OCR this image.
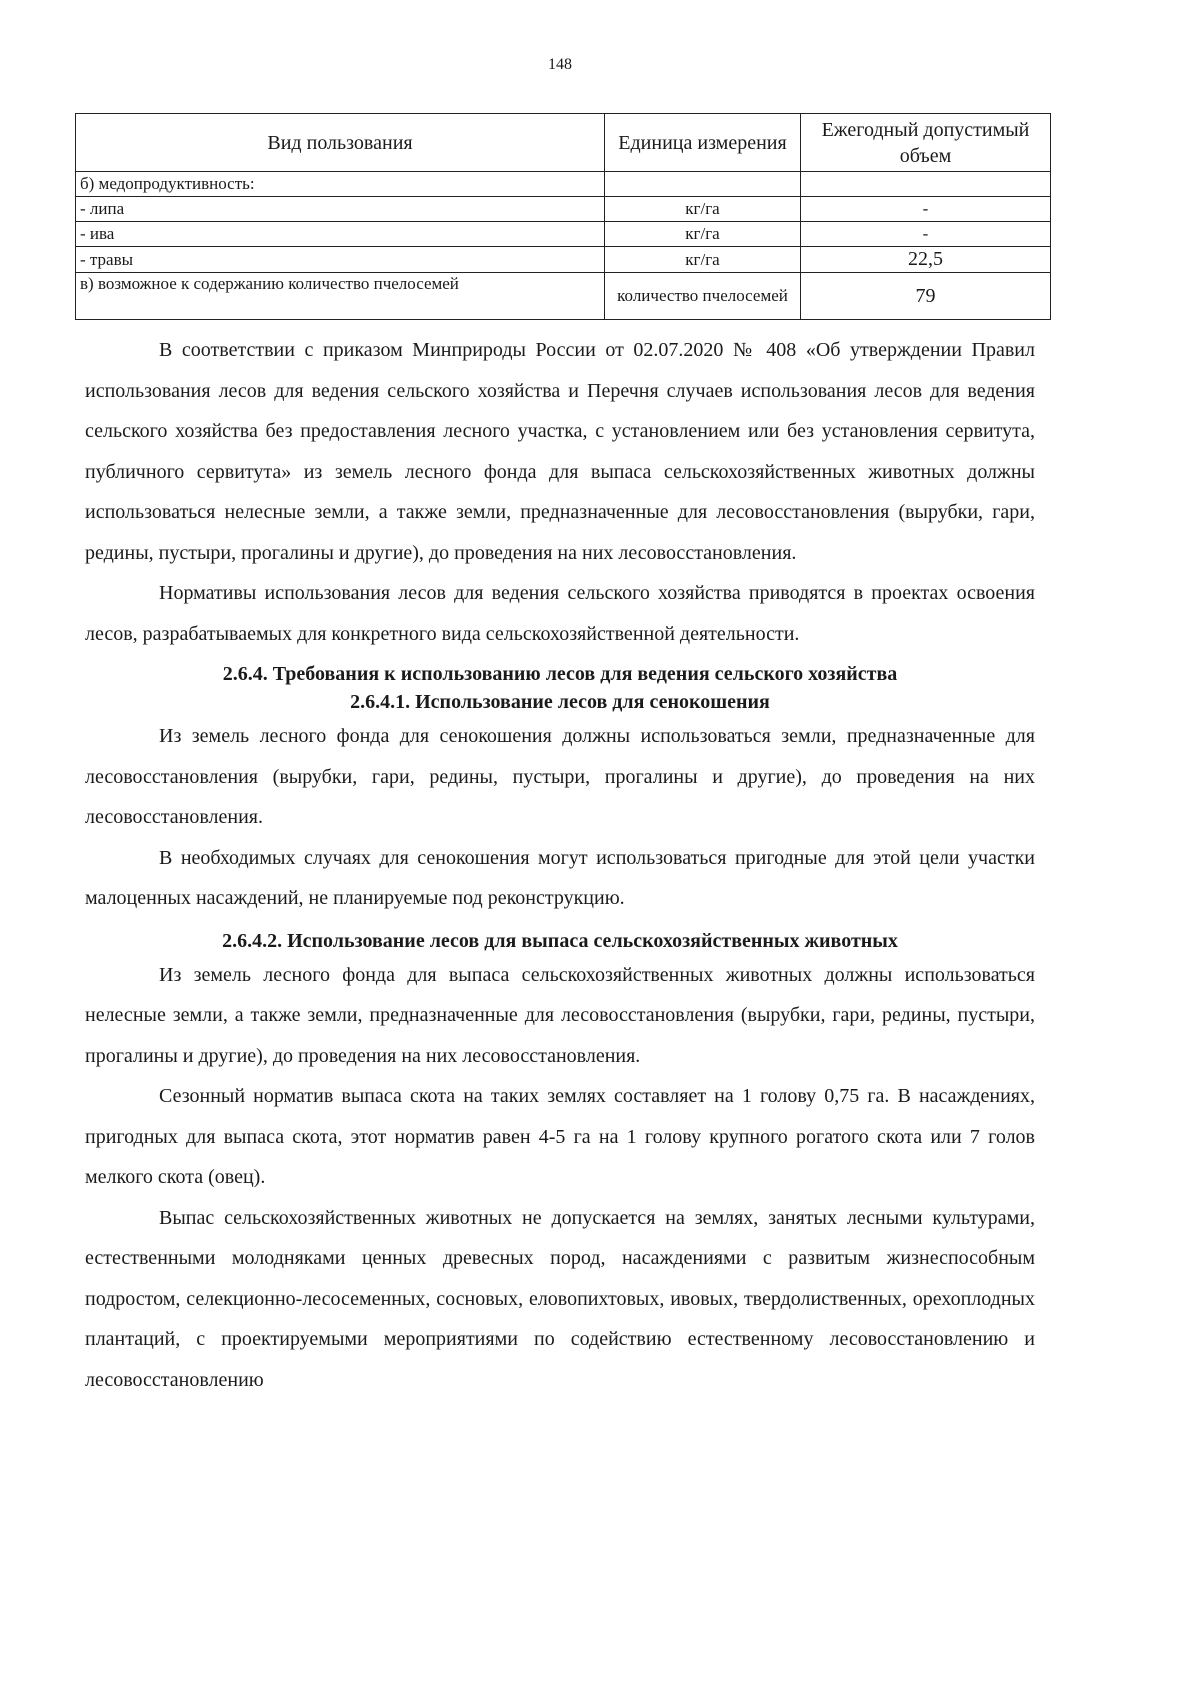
148
Вид пользования	Единица измерения	Ежегодный допустимый объем
б) медопродуктивность:		
- липа	кг/га	-
- ива	кг/га	-
- травы	кг/га	22,5
в) возможное к содержанию количество пчелосемей	количество пчелосемей	79

В соответствии с приказом Минприроды России от 02.07.2020 № 408 «Об утверждении Правил использования лесов для ведения сельского хозяйства и Перечня случаев использования лесов для ведения сельского хозяйства без предоставления лесного участка, с установлением или без установления сервитута, публичного сервитута» из земель лесного фонда для выпаса сельскохозяйственных животных должны использоваться нелесные земли, а также земли, предназначенные для лесовосстановления (вырубки, гари, редины, пустыри, прогалины и другие), до проведения на них лесовосстановления.

Нормативы использования лесов для ведения сельского хозяйства приводятся в проектах освоения лесов, разрабатываемых для конкретного вида сельскохозяйственной деятельности.

2.6.4. Требования к использованию лесов для ведения сельского хозяйства
2.6.4.1. Использование лесов для сенокошения

Из земель лесного фонда для сенокошения должны использоваться земли, предназначенные для лесовосстановления (вырубки, гари, редины, пустыри, прогалины и другие), до проведения на них лесовосстановления.

В необходимых случаях для сенокошения могут использоваться пригодные для этой цели участки малоценных насаждений, не планируемые под реконструкцию.

2.6.4.2. Использование лесов для выпаса сельскохозяйственных животных

Из земель лесного фонда для выпаса сельскохозяйственных животных должны использоваться нелесные земли, а также земли, предназначенные для лесовосстановления (вырубки, гари, редины, пустыри, прогалины и другие), до проведения на них лесовосстановления.

Сезонный норматив выпаса скота на таких землях составляет на 1 голову 0,75 га. В насаждениях, пригодных для выпаса скота, этот норматив равен 4-5 га на 1 голову крупного рогатого скота или 7 голов мелкого скота (овец).

Выпас сельскохозяйственных животных не допускается на землях, занятых лесными культурами, естественными молодняками ценных древесных пород, насаждениями с развитым жизнеспособным подростом, селекционно-лесосеменных, сосновых, еловопихтовых, ивовых, твердолиственных, орехоплодных плантаций, с проектируемыми мероприятиями по содействию естественному лесовосстановлению и лесовосстановлению
